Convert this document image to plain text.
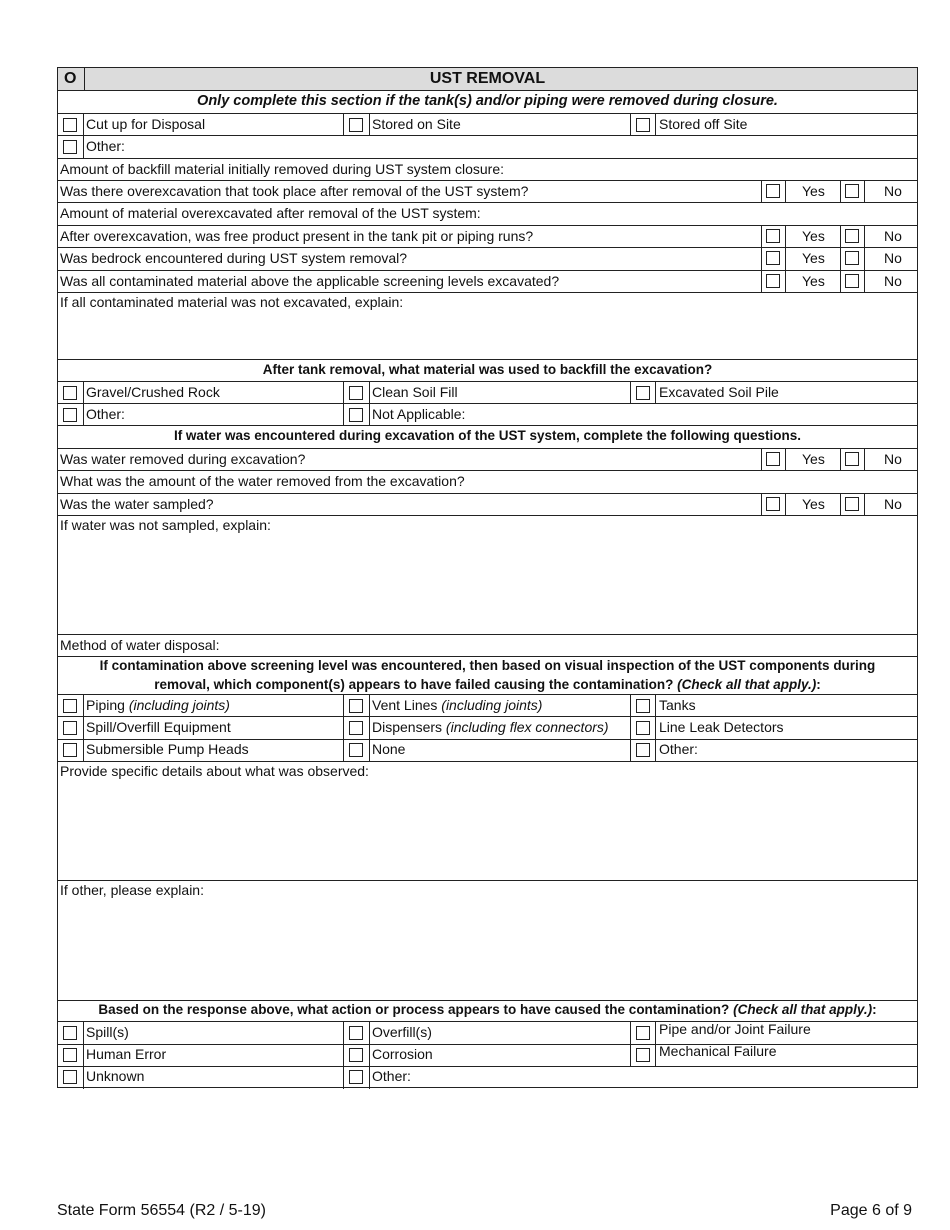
O	UST REMOVAL
Only complete this section if the tank(s) and/or piping were removed during closure.
Cut up for Disposal	Stored on Site	Stored off Site
Other:
Amount of backfill material initially removed during UST system closure:
Was there overexcavation that took place after removal of the UST system?	Yes	No
Amount of material overexcavated after removal of the UST system:
After overexcavation, was free product present in the tank pit or piping runs?	Yes	No
Was bedrock encountered during UST system removal?	Yes	No
Was all contaminated material above the applicable screening levels excavated?	Yes	No
If all contaminated material was not excavated, explain:
After tank removal, what material was used to backfill the excavation?
Gravel/Crushed Rock	Clean Soil Fill	Excavated Soil Pile
Other:	Not Applicable:
If water was encountered during excavation of the UST system, complete the following questions.
Was water removed during excavation?	Yes	No
What was the amount of the water removed from the excavation?
Was the water sampled?	Yes	No
If water was not sampled, explain:
Method of water disposal:
If contamination above screening level was encountered, then based on visual inspection of the UST components during
removal, which component(s) appears to have failed causing the contamination? (Check all that apply.):
Piping (including joints)	Vent Lines (including joints)	Tanks
Spill/Overfill Equipment	Dispensers (including flex connectors)	Line Leak Detectors
Submersible Pump Heads	None	Other:
Provide specific details about what was observed:
If other, please explain:
Based on the response above, what action or process appears to have caused the contamination? (Check all that apply.):
Spill(s)	Overfill(s)	Pipe and/or Joint Failure
Human Error	Corrosion	Mechanical Failure
Unknown	Other:
State Form 56554 (R2 / 5-19)	Page 6 of 9
